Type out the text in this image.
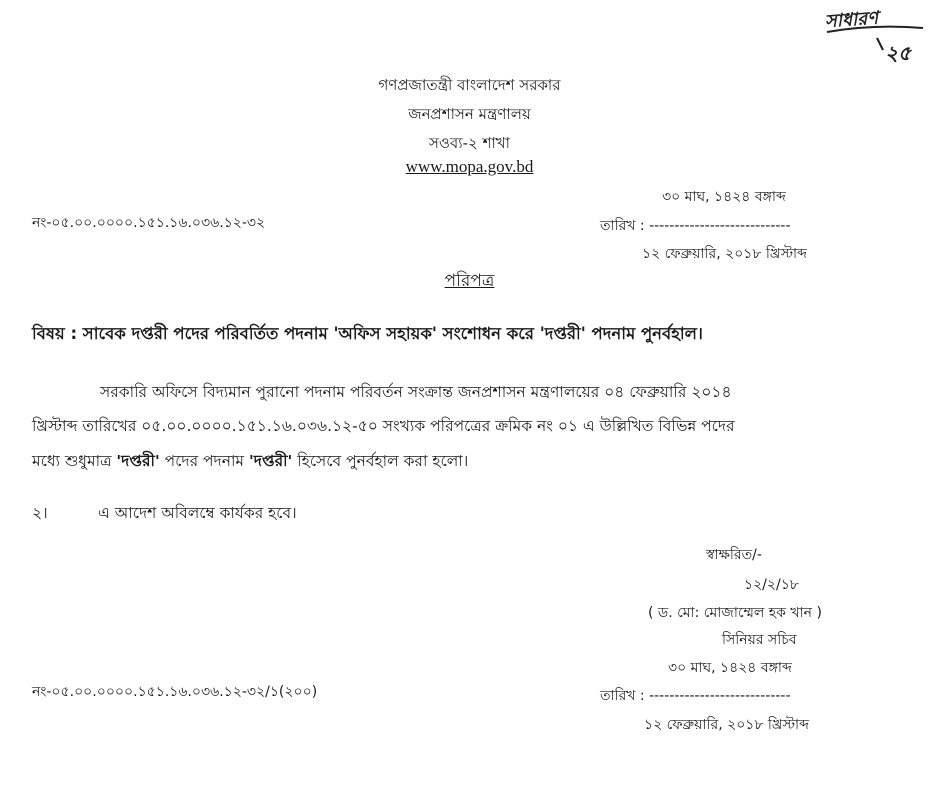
সাধারণ
২৫
গণপ্রজাতন্ত্রী বাংলাদেশ সরকার
জনপ্রশাসন মন্ত্রণালয়
সওব্য-২ শাখা
www.mopa.gov.bd
৩০ মাঘ, ১৪২৪ বঙ্গাব্দ
নং-০৫.০০.০০০০.১৫১.১৬.০৩৬.১২-৩২	তারিখ : ----------------------------
১২ ফেব্রুয়ারি, ২০১৮ খ্রিস্টাব্দ
পরিপত্র
বিষয় : সাবেক দপ্তরী পদের পরিবর্তিত পদনাম 'অফিস সহায়ক' সংশোধন করে 'দপ্তরী' পদনাম পুনর্বহাল।
সরকারি অফিসে বিদ্যমান পুরানো পদনাম পরিবর্তন সংক্রান্ত জনপ্রশাসন মন্ত্রণালয়ের ০৪ ফেব্রুয়ারি ২০১৪
খ্রিস্টাব্দ তারিখের ০৫.০০.০০০০.১৫১.১৬.০৩৬.১২-৫০ সংখ্যক পরিপত্রের ক্রমিক নং ০১ এ উল্লিখিত বিভিন্ন পদের
মধ্যে শুধুমাত্র 'দপ্তরী' পদের পদনাম 'দপ্তরী' হিসেবে পুনর্বহাল করা হলো।
২।	এ আদেশ অবিলম্বে কার্যকর হবে।
স্বাক্ষরিত/-
১২/২/১৮
( ড. মো: মোজাম্মেল হক খান )
সিনিয়র সচিব
৩০ মাঘ, ১৪২৪ বঙ্গাব্দ
নং-০৫.০০.০০০০.১৫১.১৬.০৩৬.১২-৩২/১(২০০)	তারিখ : ----------------------------
১২ ফেব্রুয়ারি, ২০১৮ খ্রিস্টাব্দ
